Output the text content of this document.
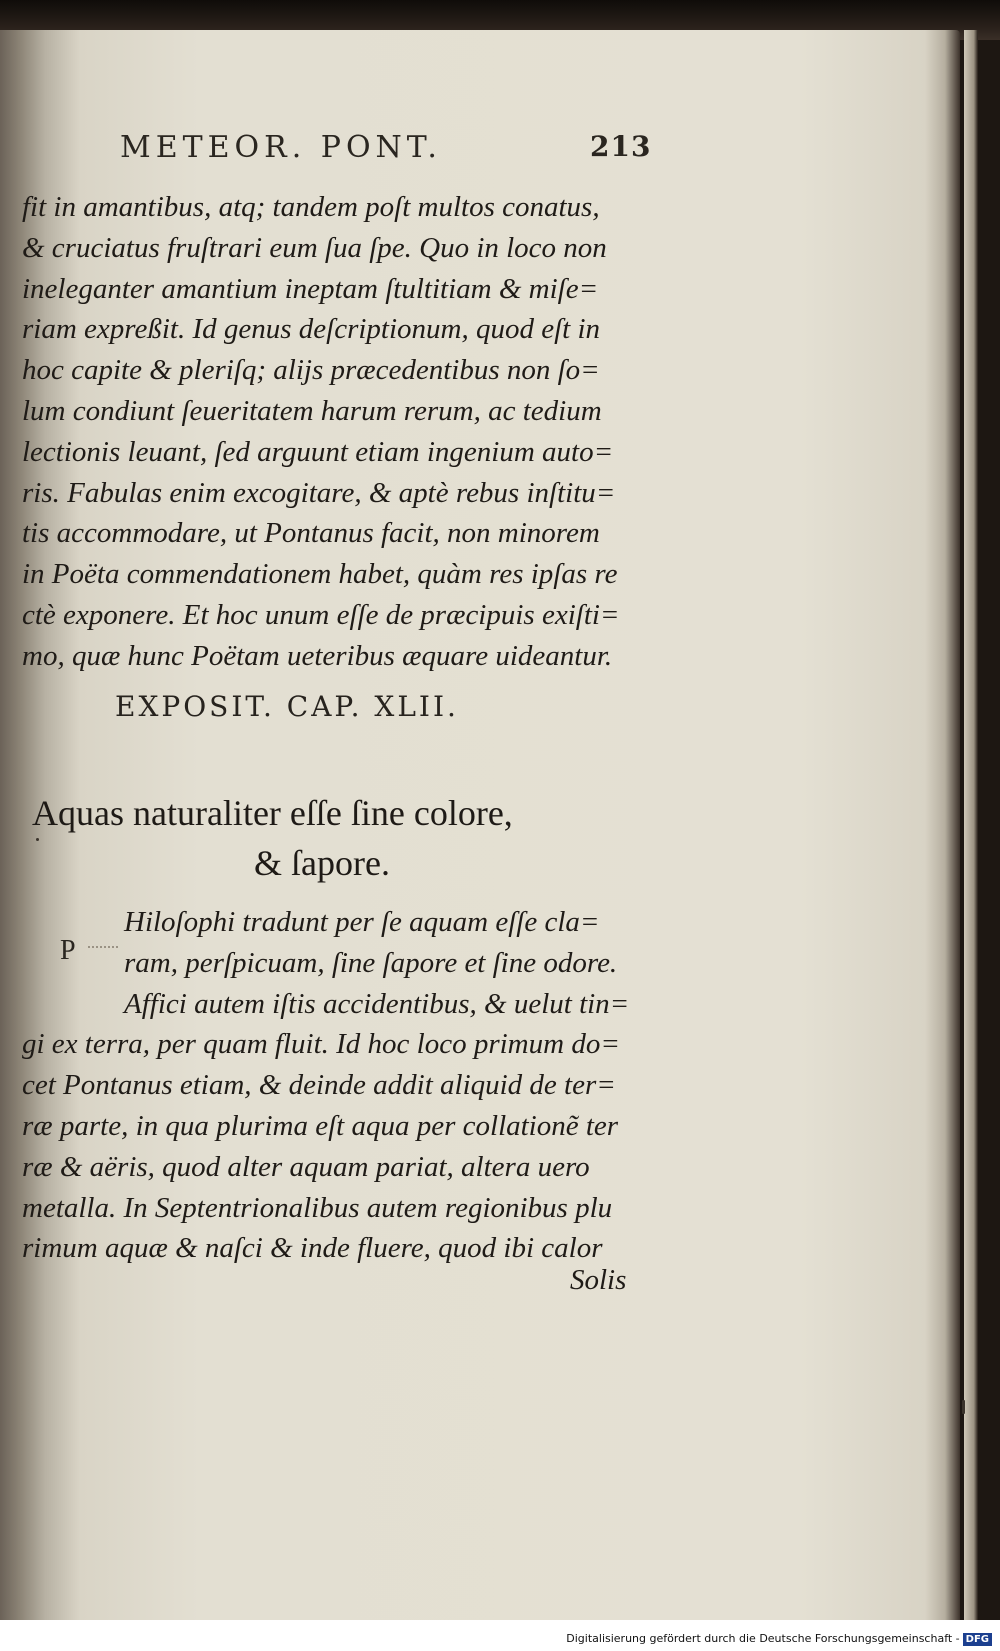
METEOR. PONT.	213
fit in amantibus, atq; tandem poſt multos conatus,
& cruciatus fruſtrari eum ſua ſpe. Quo in loco non
ineleganter amantium ineptam ſtultitiam & miſe=
riam expreßit. Id genus deſcriptionum, quod eſt in
hoc capite & pleriſq; alijs præcedentibus non ſo=
lum condiunt ſeueritatem harum rerum, ac tedium
lectionis leuant, ſed arguunt etiam ingenium auto=
ris. Fabulas enim excogitare, & aptè rebus inſtitu=
tis accommodare, ut Pontanus facit, non minorem
in Poëta commendationem habet, quàm res ipſas re
ctè exponere. Et hoc unum eſſe de præcipuis exiſti=
mo, quæ hunc Poëtam ueteribus æquare uideantur.
EXPOSIT. CAP. XLII.
Aquas naturaliter eſſe ſine colore,
& ſapore.
P
Hiloſophi tradunt per ſe aquam eſſe cla=
ram, perſpicuam, ſine ſapore et ſine odore.
Affici autem iſtis accidentibus, & uelut tin=
gi ex terra, per quam fluit. Id hoc loco primum do=
cet Pontanus etiam, & deinde addit aliquid de ter=
ræ parte, in qua plurima eſt aqua per collationẽ ter
ræ & aëris, quod alter aquam pariat, altera uero
metalla. In Septentrionalibus autem regionibus plu
rimum aquæ & naſci & inde fluere, quod ibi calor
Solis
Digitalisierung gefördert durch die Deutsche Forschungsgemeinschaft - DFG
